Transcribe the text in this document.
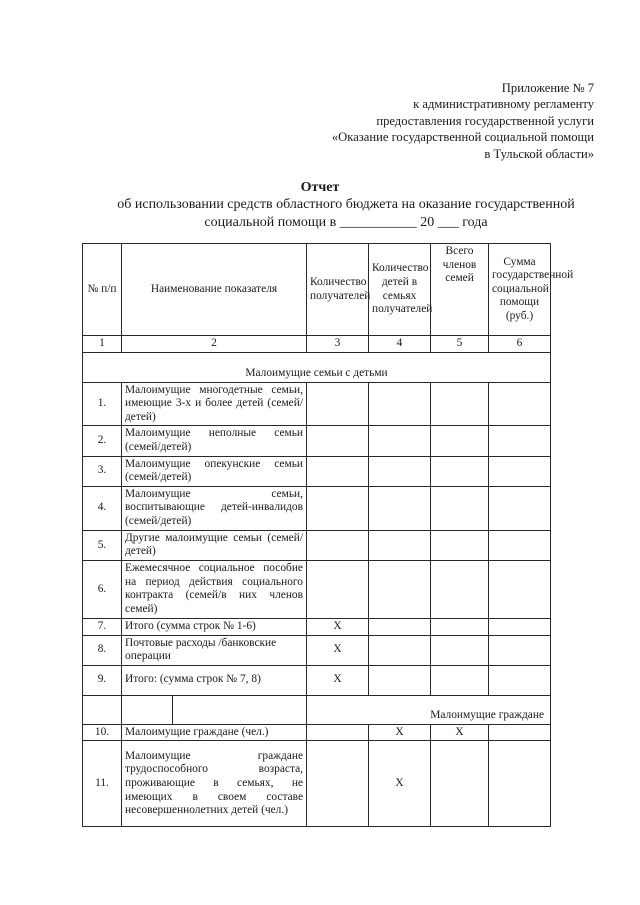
Приложение № 7
к административному регламенту
предоставления государственной услуги
«Оказание государственной социальной помощи
в Тульской области»
Отчет
об использовании средств областного бюджета на оказание государственной
социальной помощи в ___________ 20 ___ года
№ п/п	Наименование показателя	Количество получателей	Количество детей в семьях получателей	Всего членов семей	Сумма государственной социальной помощи (руб.)
1	2	3	4	5	6
Малоимущие семьи с детьми					
1.	Малоимущие многодетные семьи, имеющие 3-х и более детей (семей/детей)				
2.	Малоимущие неполные семьи (семей/детей)				
3.	Малоимущие опекунские семьи (семей/детей)				
4.	Малоимущие семьи, воспитывающие детей-инвалидов (семей/детей)				
5.	Другие малоимущие семьи (семей/детей)				
6.	Ежемесячное социальное пособие на период действия социального контракта (семей/в них членов семей)				
7.	Итого (сумма строк № 1-6)	X			
8.	Почтовые расходы /банковские операции	X			
9.	Итого: (сумма строк № 7, 8)	X			

	Малоимущие граждане			
10.	Малоимущие граждане (чел.)		X	X	
11.	Малоимущие граждане трудоспособного возраста, проживающие в семьях, не имеющих в своем составе несовершеннолетних детей (чел.)		X		
